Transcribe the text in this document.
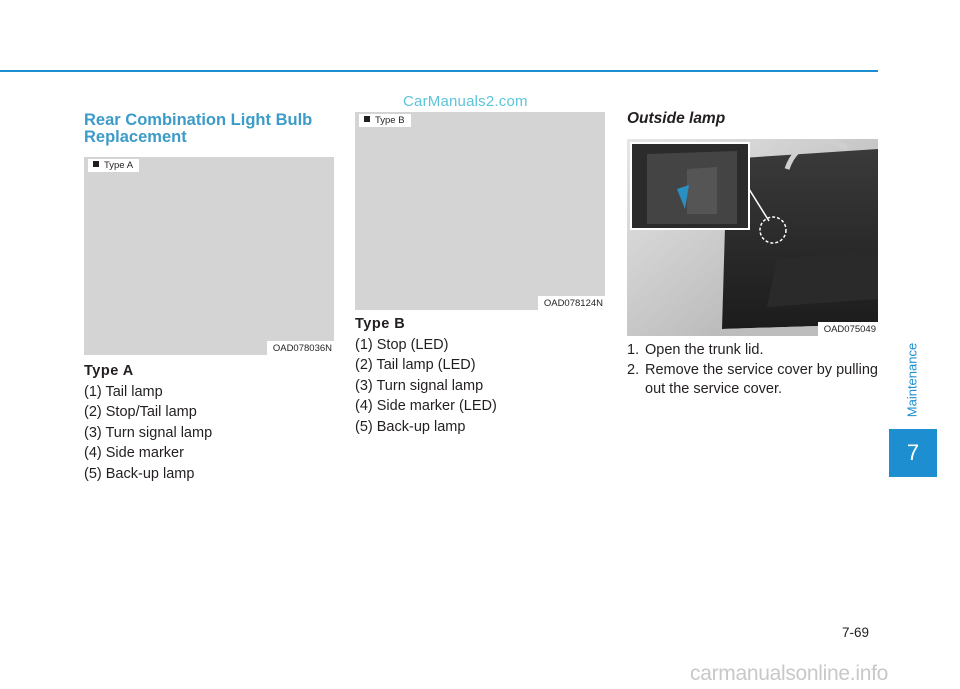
CarManuals2.com
Rear Combination Light Bulb Replacement
Type A
OAD078036N
Type B
OAD078124N
OAD075049
Type A
(1) Tail lamp
(2) Stop/Tail lamp
(3) Turn signal lamp
(4) Side marker
(5) Back-up lamp
Type B
(1) Stop (LED)
(2) Tail lamp (LED)
(3) Turn signal lamp
(4) Side marker (LED)
(5) Back-up lamp
Outside lamp
1. Open the trunk lid.
2. Remove the service cover by pulling out the service cover.	Maintenance
7
7-69
carmanualsonline.info
